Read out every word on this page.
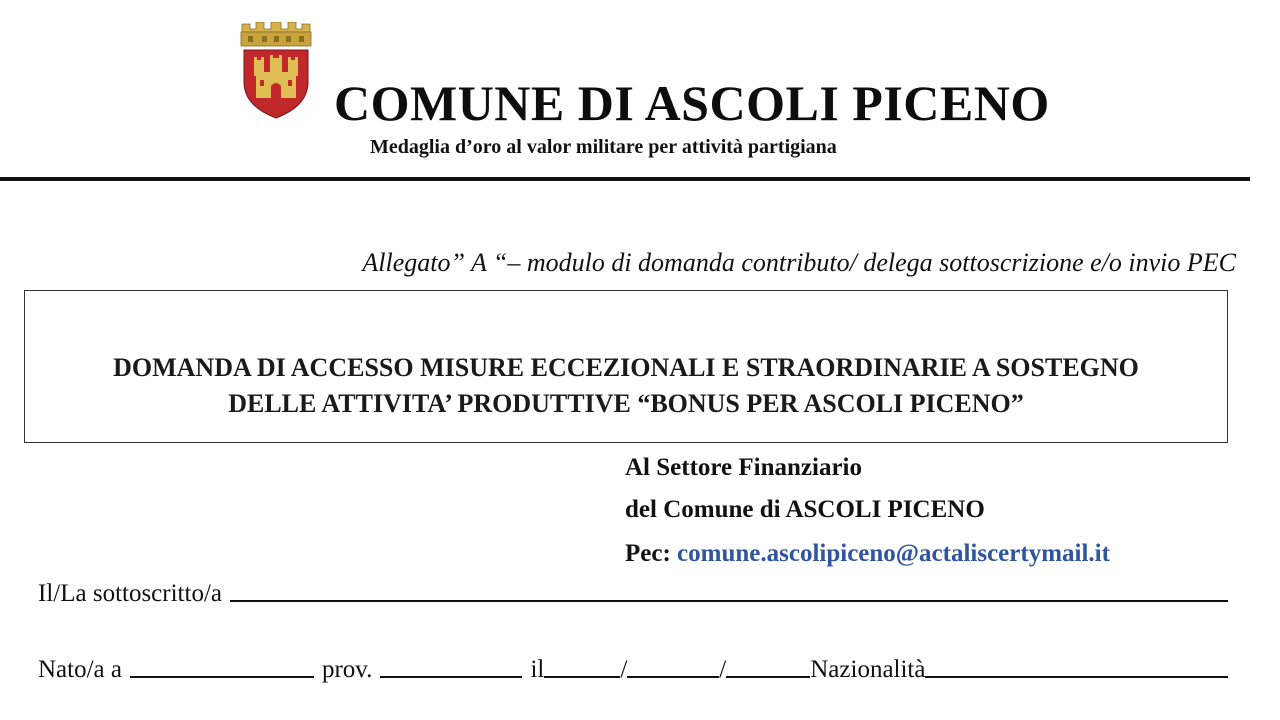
COMUNE DI ASCOLI PICENO
Medaglia d’oro al valor militare per attività partigiana
Allegato” A “– modulo di domanda contributo/ delega sottoscrizione e/o invio PEC
DOMANDA DI ACCESSO MISURE ECCEZIONALI E STRAORDINARIE A SOSTEGNO
DELLE ATTIVITA’ PRODUTTIVE “BONUS PER ASCOLI PICENO”
Al Settore Finanziario
del Comune di ASCOLI PICENO
Pec: comune.ascolipiceno@actaliscertymail.it
Il/La sottoscritto/a
Nato/a a	prov.	il	/	/	Nazionalità
